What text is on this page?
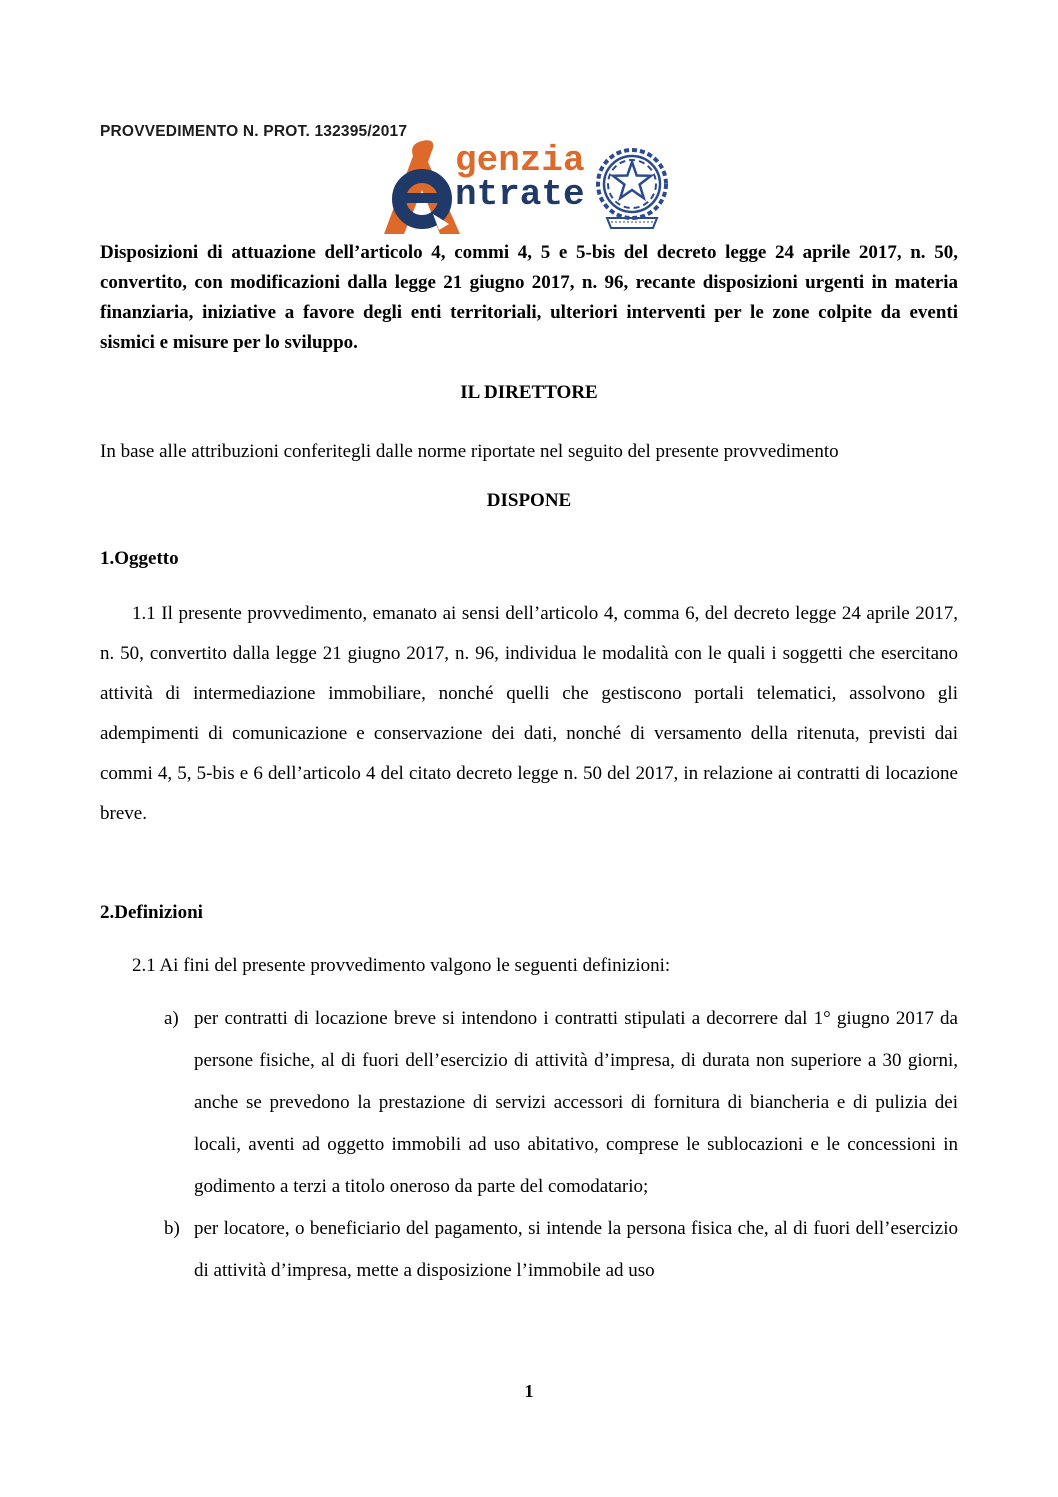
PROVVEDIMENTO N. PROT. 132395/2017
genzia
ntrate

Disposizioni di attuazione dell’articolo 4, commi 4, 5 e 5-bis del decreto legge 24 aprile 2017, n. 50, convertito, con modificazioni dalla legge 21 giugno 2017, n. 96, recante disposizioni urgenti in materia finanziaria, iniziative a favore degli enti territoriali, ulteriori interventi per le zone colpite da eventi sismici e misure per lo sviluppo.

IL DIRETTORE

In base alle attribuzioni conferitegli dalle norme riportate nel seguito del presente provvedimento

DISPONE

1.Oggetto

1.1 Il presente provvedimento, emanato ai sensi dell’articolo 4, comma 6, del decreto legge 24 aprile 2017, n. 50, convertito dalla legge 21 giugno 2017, n. 96, individua le modalità con le quali i soggetti che esercitano attività di intermediazione immobiliare, nonché quelli che gestiscono portali telematici, assolvono gli adempimenti di comunicazione e conservazione dei dati, nonché di versamento della ritenuta, previsti dai commi 4, 5, 5-bis e 6 dell’articolo 4 del citato decreto legge n. 50 del 2017, in relazione ai contratti di locazione breve.

2.Definizioni

2.1 Ai fini del presente provvedimento valgono le seguenti definizioni:

a) per contratti di locazione breve si intendono i contratti stipulati a decorrere dal 1° giugno 2017 da persone fisiche, al di fuori dell’esercizio di attività d’impresa, di durata non superiore a 30 giorni, anche se prevedono la prestazione di servizi accessori di fornitura di biancheria e di pulizia dei locali, aventi ad oggetto immobili ad uso abitativo, comprese le sublocazioni e le concessioni in godimento a terzi a titolo oneroso da parte del comodatario;
b) per locatore, o beneficiario del pagamento, si intende la persona fisica che, al di fuori dell’esercizio di attività d’impresa, mette a disposizione l’immobile ad uso
1
